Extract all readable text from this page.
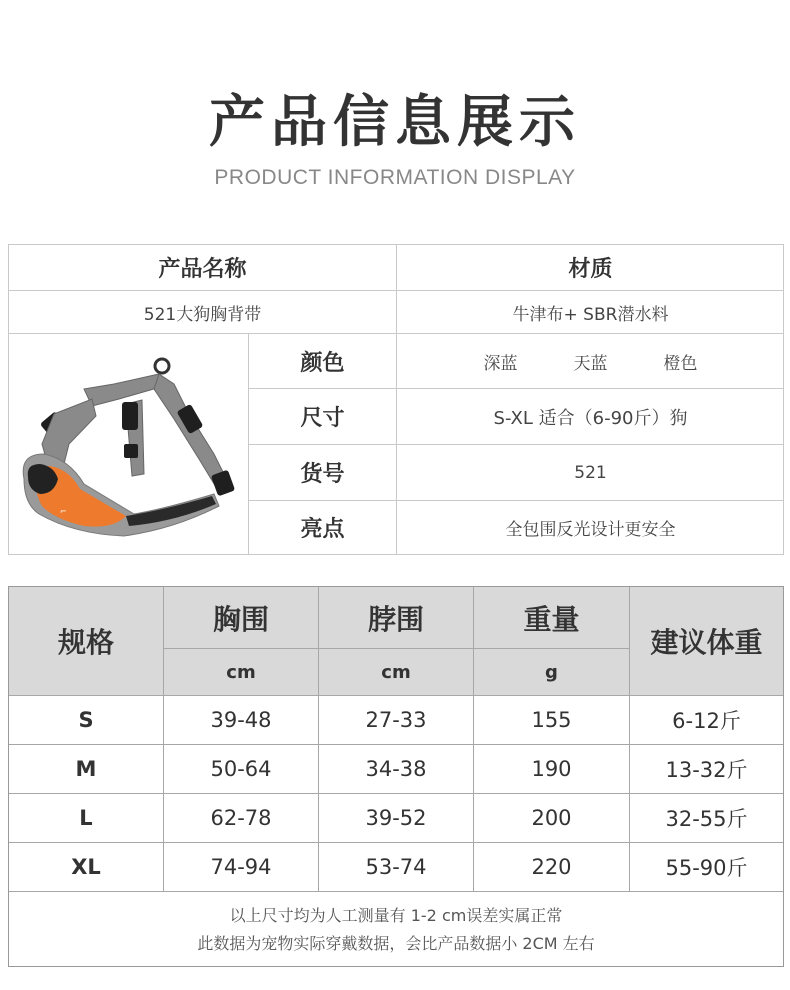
产品信息展示
PRODUCT INFORMATION DISPLAY
产品名称	材质
521大狗胸背带	牛津布+ SBR潜水料
⌐
颜色	深蓝	天蓝	橙色
尺寸	S-XL 适合（6-90斤）狗
货号	521
亮点	全包围反光设计更安全
规格
胸围	脖围	重量
建议体重
cm	cm	g
S	39-48	27-33	155	6-12斤
M	50-64	34-38	190	13-32斤
L	62-78	39-52	200	32-55斤
XL	74-94	53-74	220	55-90斤
以上尺寸均为人工测量有 1-2 cm误差实属正常
此数据为宠物实际穿戴数据，会比产品数据小 2CM 左右
